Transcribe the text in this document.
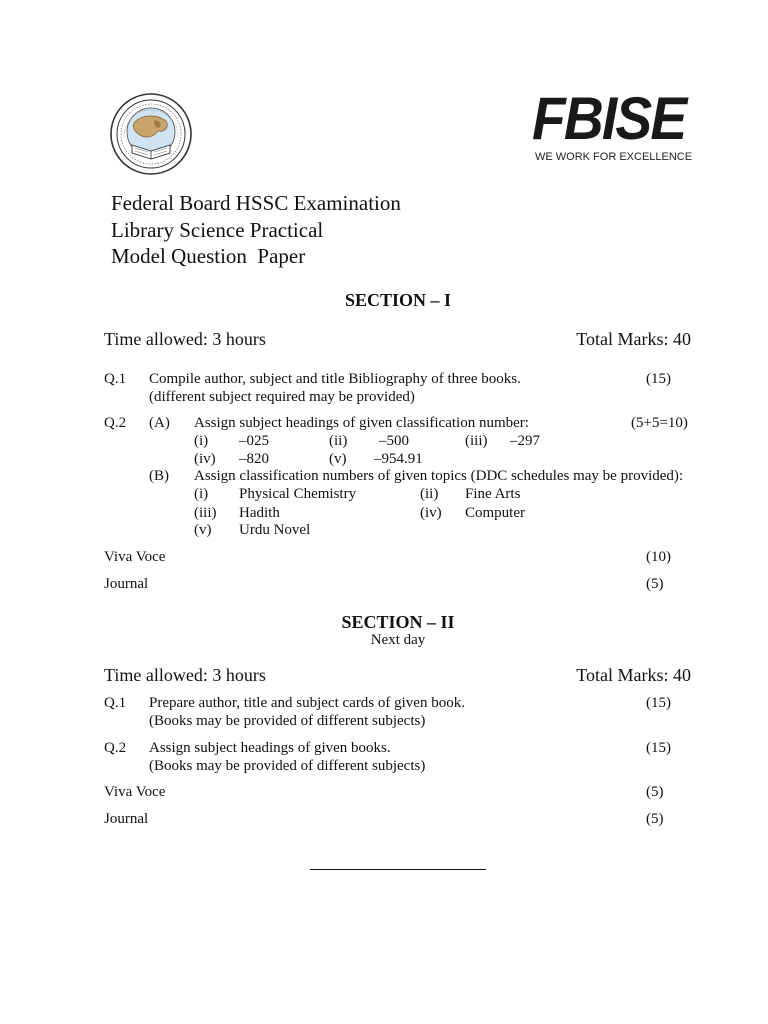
FBISE
WE WORK FOR EXCELLENCE
Federal Board HSSC Examination
Library Science Practical
Model Question  Paper
SECTION – I
Time allowed: 3 hours	Total Marks: 40
Q.1 Compile author, subject and title Bibliography of three books.	(15)
(different subject required may be provided)
Q.2 (A) Assign subject headings of given classification number:	(5+5=10)
(i) –025	(ii) –500	(iii) –297
(iv) –820	(v) –954.91
(B) Assign classification numbers of given topics (DDC schedules may be provided):
(i) Physical Chemistry	(ii) Fine Arts
(iii) Hadith	(iv) Computer
(v) Urdu Novel
Viva Voce	(10)
Journal	(5)
SECTION – II
Next day
Time allowed: 3 hours	Total Marks: 40
Q.1 Prepare author, title and subject cards of given book.	(15)
(Books may be provided of different subjects)
Q.2 Assign subject headings of given books.	(15)
(Books may be provided of different subjects)
Viva Voce	(5)
Journal	(5)
